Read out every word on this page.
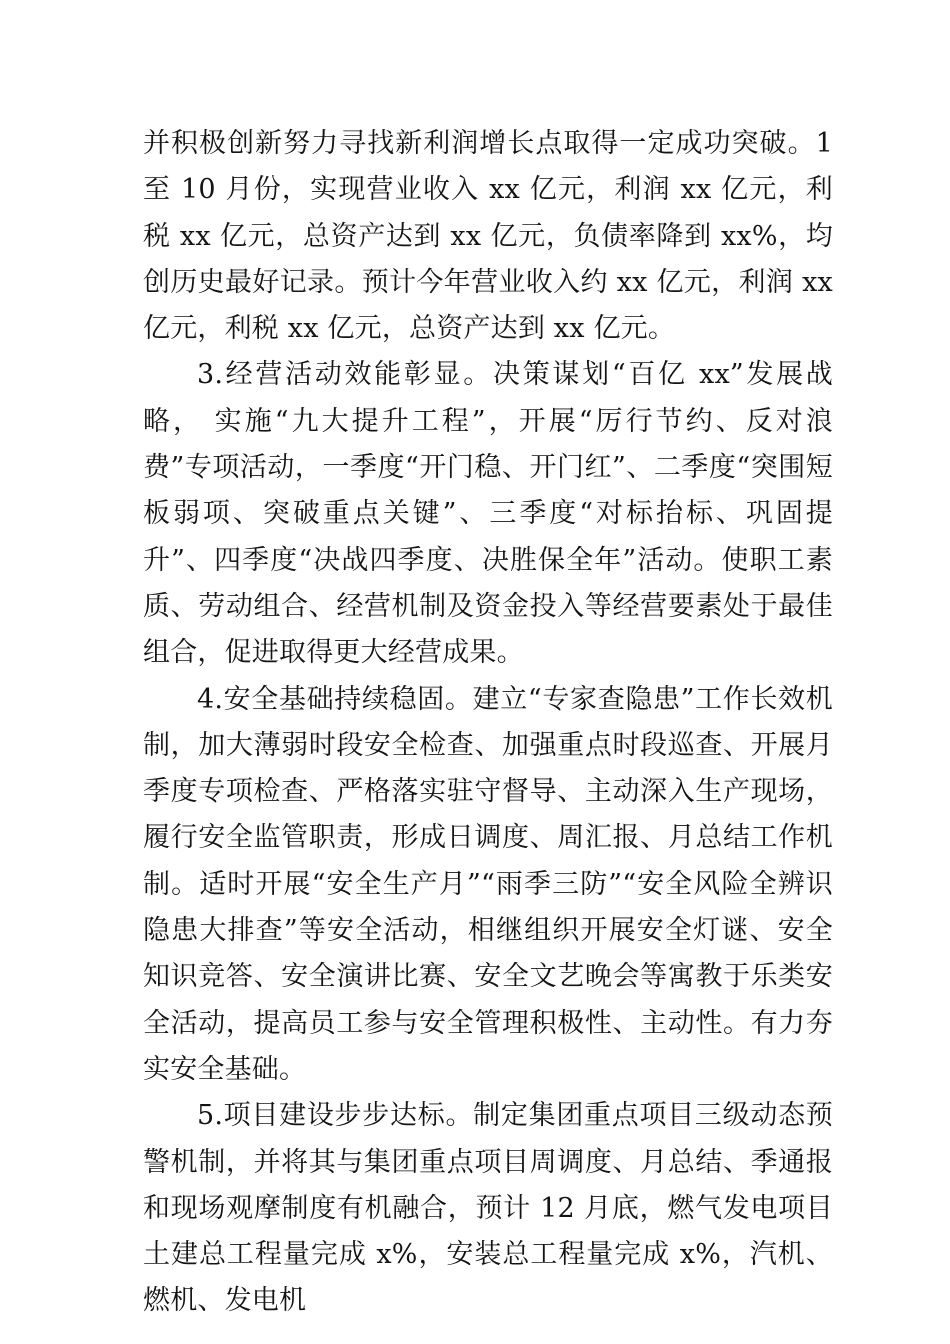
并积极创新努力寻找新利润增长点取得一定成功突破。1 至 10 月份，实现营业收入 xx 亿元，利润 xx 亿元，利税 xx 亿元，总资产达到 xx 亿元，负债率降到 xx%，均创历史最好记录。预计今年营业收入约 xx 亿元，利润 xx 亿元，利税 xx 亿元，总资产达到 xx 亿元。

3.经营活动效能彰显。决策谋划“百亿 xx”发展战略， 实施“九大提升工程”，开展“厉行节约、反对浪费”专项活动，一季度“开门稳、开门红”、二季度“突围短板弱项、突破重点关键”、三季度“对标抬标、巩固提升”、四季度“决战四季度、决胜保全年”活动。使职工素质、劳动组合、经营机制及资金投入等经营要素处于最佳组合，促进取得更大经营成果。

4.安全基础持续稳固。建立“专家查隐患”工作长效机制，加大薄弱时段安全检查、加强重点时段巡查、开展月季度专项检查、严格落实驻守督导、主动深入生产现场，履行安全监管职责，形成日调度、周汇报、月总结工作机制。适时开展“安全生产月”“雨季三防”“安全风险全辨识隐患大排查”等安全活动，相继组织开展安全灯谜、安全知识竞答、安全演讲比赛、安全文艺晚会等寓教于乐类安全活动，提高员工参与安全管理积极性、主动性。有力夯实安全基础。

5.项目建设步步达标。制定集团重点项目三级动态预警机制，并将其与集团重点项目周调度、月总结、季通报和现场观摩制度有机融合，预计 12 月底，燃气发电项目土建总工程量完成 x%，安装总工程量完成 x%，汽机、燃机、发电机
